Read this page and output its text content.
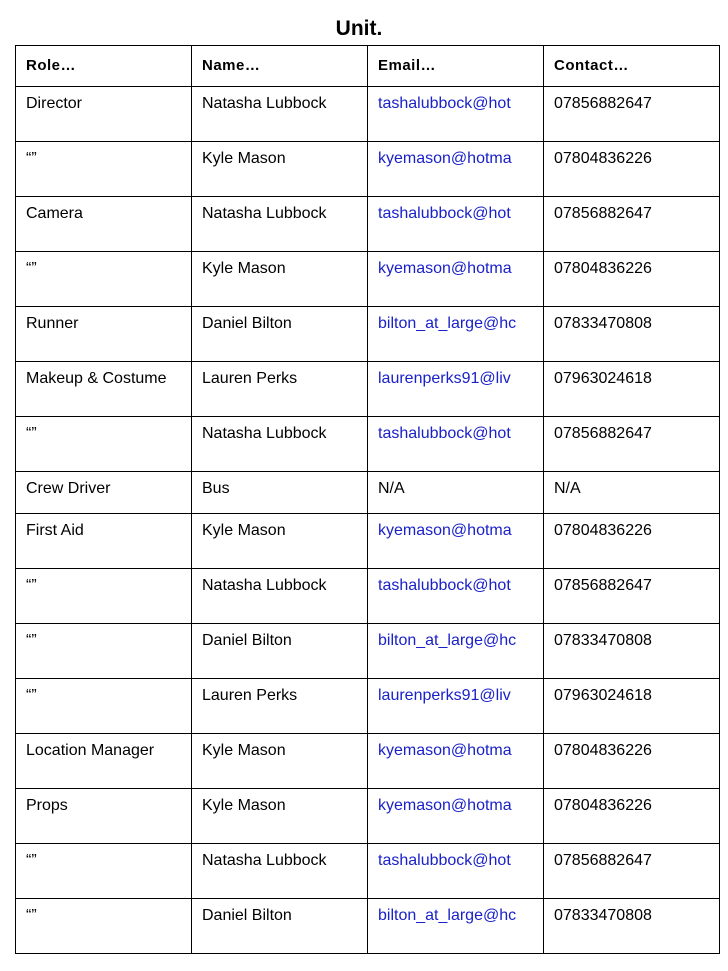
Unit.
Role…	Name…	Email…	Contact…
Director	Natasha Lubbock	tashalubbock@hot	07856882647
“”	Kyle Mason	kyemason@hotma	07804836226
Camera	Natasha Lubbock	tashalubbock@hot	07856882647
“”	Kyle Mason	kyemason@hotma	07804836226
Runner	Daniel Bilton	bilton_at_large@hc	07833470808
Makeup & Costume	Lauren Perks	laurenperks91@liv	07963024618
“”	Natasha Lubbock	tashalubbock@hot	07856882647
Crew Driver	Bus	N/A	N/A
First Aid	Kyle Mason	kyemason@hotma	07804836226
“”	Natasha Lubbock	tashalubbock@hot	07856882647
“”	Daniel Bilton	bilton_at_large@hc	07833470808
“”	Lauren Perks	laurenperks91@liv	07963024618
Location Manager	Kyle Mason	kyemason@hotma	07804836226
Props	Kyle Mason	kyemason@hotma	07804836226
“”	Natasha Lubbock	tashalubbock@hot	07856882647
“”	Daniel Bilton	bilton_at_large@hc	07833470808
